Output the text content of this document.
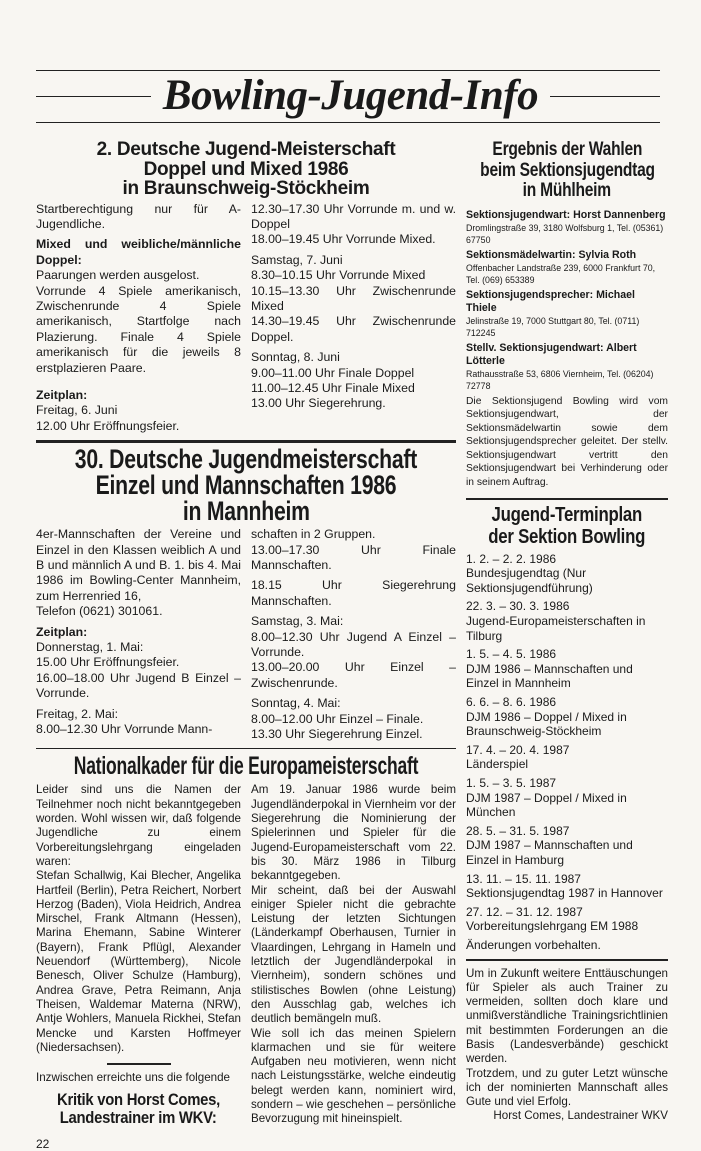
Bowling-Jugend-Info
2. Deutsche Jugend-Meisterschaft
Doppel und Mixed 1986
in Braunschweig-Stöckheim

Startberechtigung nur für A-Jugendliche.

Mixed und weibliche/männliche Doppel:

Paarungen werden ausgelost.

Vorrunde 4 Spiele amerikanisch, Zwischenrunde 4 Spiele amerikanisch, Startfolge nach Plazierung. Finale 4 Spiele amerikanisch für die jeweils 8 erstplazieren Paare.

Zeitplan:

Freitag, 6. Juni

12.00 Uhr Eröffnungsfeier.

12.30–17.30 Uhr Vorrunde m. und w. Doppel

18.00–19.45 Uhr Vorrunde Mixed.

Samstag, 7. Juni

8.30–10.15 Uhr Vorrunde Mixed

10.15–13.30 Uhr Zwischenrunde Mixed

14.30–19.45 Uhr Zwischenrunde Doppel.

Sonntag, 8. Juni

9.00–11.00 Uhr Finale Doppel

11.00–12.45 Uhr Finale Mixed

13.00 Uhr Siegerehrung.

30. Deutsche Jugendmeisterschaft
Einzel und Mannschaften 1986
in Mannheim

4er-Mannschaften der Vereine und Einzel in den Klassen weiblich A und B und männlich A und B. 1. bis 4. Mai 1986 im Bowling-Center Mannheim, zum Herrenried 16,

Telefon (0621) 301061.

Zeitplan:

Donnerstag, 1. Mai:

15.00 Uhr Eröffnungsfeier.

16.00–18.00 Uhr Jugend B Einzel – Vorrunde.

Freitag, 2. Mai:

8.00–12.30 Uhr Vorrunde Mann-

schaften in 2 Gruppen.

13.00–17.30 Uhr Finale Mannschaften.

18.15 Uhr Siegerehrung Mannschaften.

Samstag, 3. Mai:

8.00–12.30 Uhr Jugend A Einzel – Vorrunde.

13.00–20.00 Uhr Einzel – Zwischenrunde.

Sonntag, 4. Mai:

8.00–12.00 Uhr Einzel – Finale.

13.30 Uhr Siegerehrung Einzel.

Nationalkader für die Europameisterschaft

Leider sind uns die Namen der Teilnehmer noch nicht bekanntgegeben worden. Wohl wissen wir, daß folgende Jugendliche zu einem Vorbereitungslehrgang eingeladen waren:

Stefan Schallwig, Kai Blecher, Angelika Hartfeil (Berlin), Petra Reichert, Norbert Herzog (Baden), Viola Heidrich, Andrea Mirschel, Frank Altmann (Hessen), Marina Ehemann, Sabine Winterer (Bayern), Frank Pflügl, Alexander Neuendorf (Württemberg), Nicole Benesch, Oliver Schulze (Hamburg), Andrea Grave, Petra Reimann, Anja Theisen, Waldemar Materna (NRW), Antje Wohlers, Manuela Rickhei, Stefan Mencke und Karsten Hoffmeyer (Niedersachsen).

Inzwischen erreichte uns die folgende
Kritik von Horst Comes,
Landestrainer im WKV:
22

Am 19. Januar 1986 wurde beim Jugendländerpokal in Viernheim vor der Siegerehrung die Nominierung der Spielerinnen und Spieler für die Jugend-Europameisterschaft vom 22. bis 30. März 1986 in Tilburg bekanntgegeben.

Mir scheint, daß bei der Auswahl einiger Spieler nicht die gebrachte Leistung der letzten Sichtungen (Länderkampf Oberhausen, Turnier in Vlaardingen, Lehrgang in Hameln und letztlich der Jugendländerpokal in Viernheim), sondern schönes und stilistisches Bowlen (ohne Leistung) den Ausschlag gab, welches ich deutlich bemängeln muß.

Wie soll ich das meinen Spielern klarmachen und sie für weitere Aufgaben neu motivieren, wenn nicht nach Leistungsstärke, welche eindeutig belegt werden kann, nominiert wird, sondern – wie geschehen – persönliche Bevorzugung mit hineinspielt.

Ergebnis der Wahlen
beim Sektionsjugendtag
in Mühlheim

Sektionsjugendwart: Horst Dannenberg

Dromlingstraße 39, 3180 Wolfsburg 1, Tel. (05361) 67750

Sektionsmädelwartin: Sylvia Roth

Offenbacher Landstraße 239, 6000 Frankfurt 70, Tel. (069) 653389

Sektionsjugendsprecher: Michael Thiele

Jelinstraße 19, 7000 Stuttgart 80, Tel. (0711) 712245

Stellv. Sektionsjugendwart: Albert Lötterle

Rathausstraße 53, 6806 Viernheim, Tel. (06204) 72778

Die Sektionsjugend Bowling wird vom Sektionsjugendwart, der Sektionsmädelwartin sowie dem Sektionsjugendsprecher geleitet. Der stellv. Sektionsjugendwart vertritt den Sektionsjugendwart bei Verhinderung oder in seinem Auftrag.

Jugend-Terminplan
der Sektion Bowling

1. 2. – 2. 2. 1986

Bundesjugendtag (Nur Sektionsjugendführung)

22. 3. – 30. 3. 1986

Jugend-Europameisterschaften in Tilburg

1. 5. – 4. 5. 1986

DJM 1986 – Mannschaften und Einzel in Mannheim

6. 6. – 8. 6. 1986

DJM 1986 – Doppel / Mixed in Braunschweig-Stöckheim

17. 4. – 20. 4. 1987

Länderspiel

1. 5. – 3. 5. 1987

DJM 1987 – Doppel / Mixed in München

28. 5. – 31. 5. 1987

DJM 1987 – Mannschaften und Einzel in Hamburg

13. 11. – 15. 11. 1987

Sektionsjugendtag 1987 in Hannover

27. 12. – 31. 12. 1987

Vorbereitungslehrgang EM 1988

Änderungen vorbehalten.

Um in Zukunft weitere Enttäuschungen für Spieler als auch Trainer zu vermeiden, sollten doch klare und unmißverständliche Trainingsrichtlinien mit bestimmten Forderungen an die Basis (Landesverbände) geschickt werden.

Trotzdem, und zu guter Letzt wünsche ich der nominierten Mannschaft alles Gute und viel Erfolg.

Horst Comes, Landestrainer WKV
